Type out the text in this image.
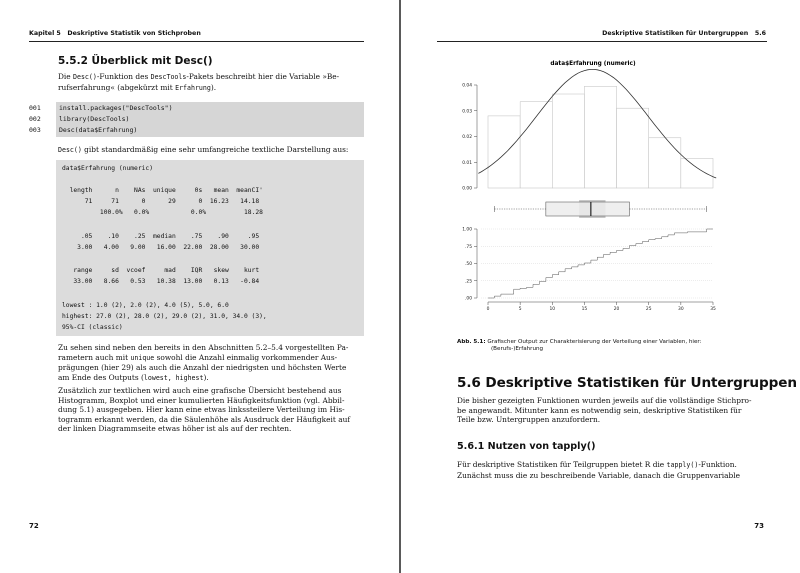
Kapitel 5   Deskriptive Statistik von Stichproben
5.5.2 Überblick mit Desc()
Die Desc()-Funktion des DescTools-Pakets beschreibt hier die Variable »Be-
rufserfahrung« (abgekürzt mit Erfahrung).
001	install.packages("DescTools")
002	library(DescTools)
003	Desc(data$Erfahrung)
Desc() gibt standardmäßig eine sehr umfangreiche textliche Darstellung aus:
data$Erfahrung (numeric)
length      n    NAs  unique     0s   mean  meanCI'
71     71      0      29      0  16.23   14.18
100.0%   0.0%           0.0%          18.28
.05    .10    .25  median    .75    .90     .95
3.00   4.00   9.00   16.00  22.00  28.00   30.00
range     sd  vcoef     mad    IQR   skew    kurt
33.00   8.66   0.53   10.38  13.00   0.13   -0.84
lowest : 1.0 (2), 2.0 (2), 4.0 (5), 5.0, 6.0
highest: 27.0 (2), 28.0 (2), 29.0 (2), 31.0, 34.0 (3),
95%-CI (classic)
Zu sehen sind neben den bereits in den Abschnitten 5.2–5.4 vorgestellten Pa-
rametern auch mit unique sowohl die Anzahl einmalig vorkommender Aus-
prägungen (hier 29) als auch die Anzahl der niedrigsten und höchsten Werte
am Ende des Outputs (lowest, highest).
Zusätzlich zur textlichen wird auch eine grafische Übersicht bestehend aus
Histogramm, Boxplot und einer kumulierten Häufigkeitsfunktion (vgl. Abbil-
dung 5.1) ausgegeben. Hier kann eine etwas linkssteilere Verteilung im His-
togramm erkannt werden, da die Säulenhöhe als Ausdruck der Häufigkeit auf
der linken Diagrammseite etwas höher ist als auf der rechten.
72
Deskriptive Statistiken für Untergruppen   5.6
data$Erfahrung (numeric)
0.00
0.01
0.02
0.03
0.04
.00
.25
.50
.75
1.00
0	5	10	15	20	25	30	35
Abb. 5.1: Grafischer Output zur Charakterisierung der Verteilung einer Variablen, hier:
(Berufs-)Erfahrung
5.6 Deskriptive Statistiken für Untergruppen
Die bisher gezeigten Funktionen wurden jeweils auf die vollständige Stichpro-
be angewandt. Mitunter kann es notwendig sein, deskriptive Statistiken für
Teile bzw. Untergruppen anzufordern.
5.6.1 Nutzen von tapply()
Für deskriptive Statistiken für Teilgruppen bietet R die tapply()-Funktion.
Zunächst muss die zu beschreibende Variable, danach die Gruppenvariable
73
